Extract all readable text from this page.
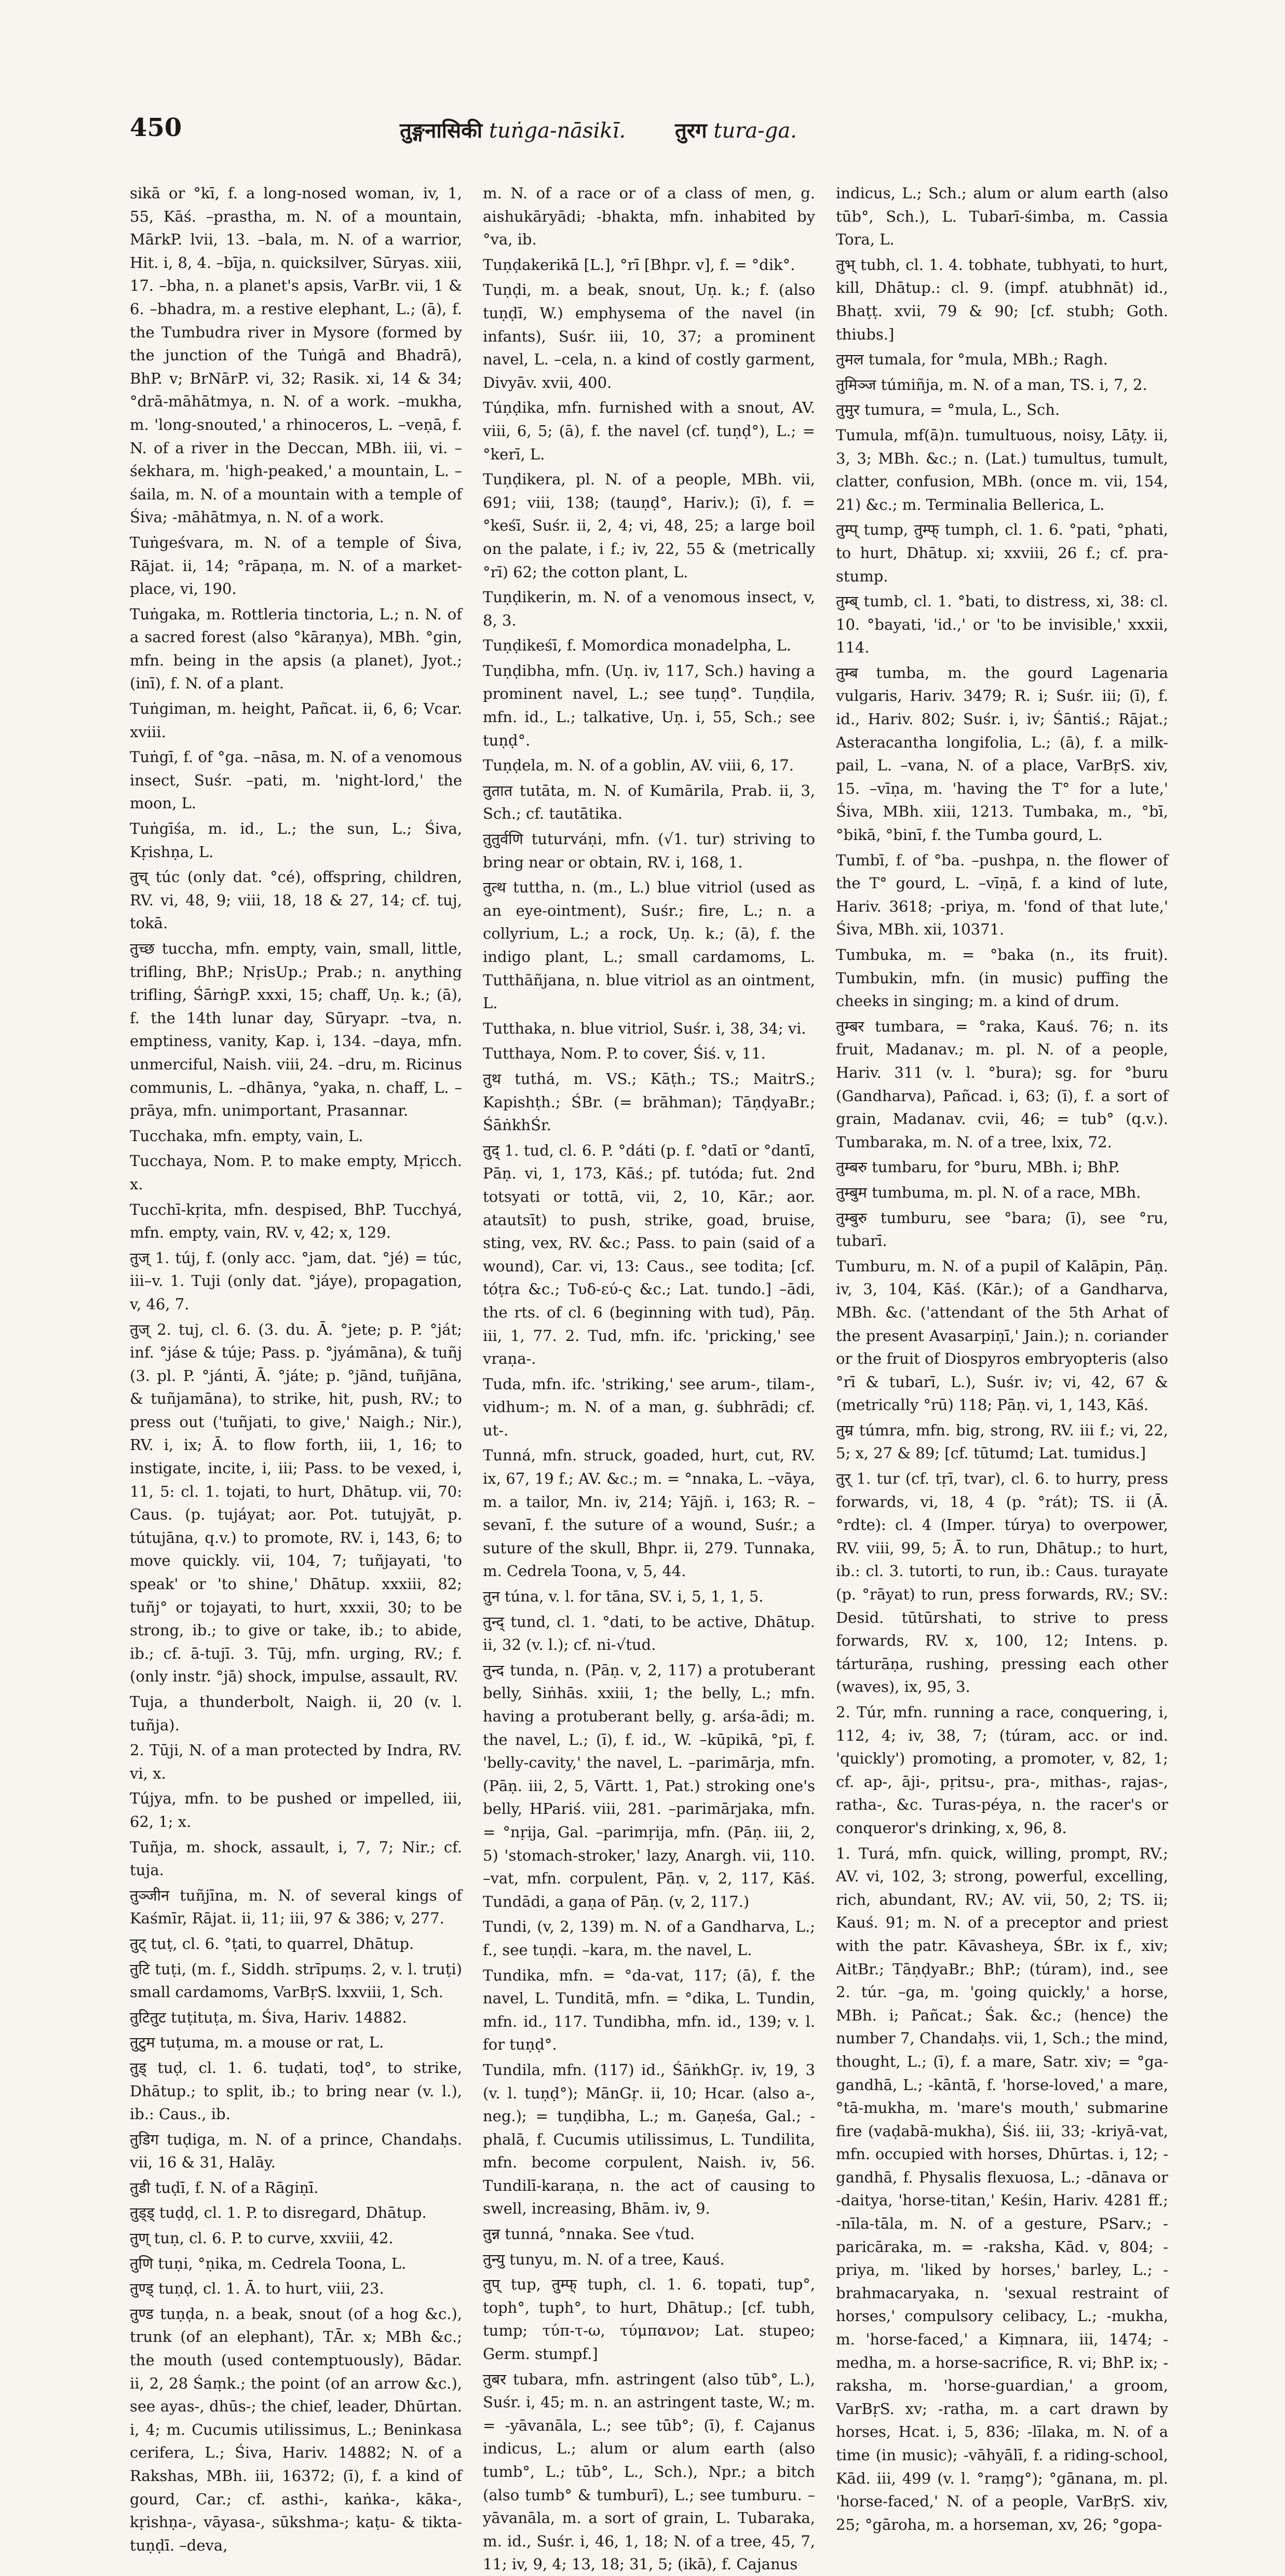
450	तुङ्गनासिकी tuṅga-nāsikī. तुरग tura-ga.

sikā or °kī, f. a long-nosed woman, iv, 1, 55, Kāś. –prastha, m. N. of a mountain, MārkP. lvii, 13. –bala, m. N. of a warrior, Hit. i, 8, 4. –bīja, n. quicksilver, Sūryas. xiii, 17. –bha, n. a planet's apsis, VarBr. vii, 1 & 6. –bhadra, m. a restive elephant, L.; (ā), f. the Tumbudra river in Mysore (formed by the junction of the Tuṅgā and Bhadrā), BhP. v; BrNārP. vi, 32; Rasik. xi, 14 & 34; °drā-māhātmya, n. N. of a work. –mukha, m. 'long-snouted,' a rhinoceros, L. –veṇā, f. N. of a river in the Deccan, MBh. iii, vi. –śekhara, m. 'high-peaked,' a mountain, L. –śaila, m. N. of a mountain with a temple of Śiva; -māhātmya, n. N. of a work.

Tuṅgeśvara, m. N. of a temple of Śiva, Rājat. ii, 14; °rāpaṇa, m. N. of a market-place, vi, 190.

Tuṅgaka, m. Rottleria tinctoria, L.; n. N. of a sacred forest (also °kāraṇya), MBh. °gin, mfn. being in the apsis (a planet), Jyot.; (inī), f. N. of a plant.

Tuṅgiman, m. height, Pañcat. ii, 6, 6; Vcar. xviii.

Tuṅgī, f. of °ga. –nāsa, m. N. of a venomous insect, Suśr. –pati, m. 'night-lord,' the moon, L.

Tuṅgīśa, m. id., L.; the sun, L.; Śiva, Kṛishṇa, L.

तुच् túc (only dat. °cé), offspring, children, RV. vi, 48, 9; viii, 18, 18 & 27, 14; cf. tuj, tokā.

तुच्छ tuccha, mfn. empty, vain, small, little, trifling, BhP.; NṛisUp.; Prab.; n. anything trifling, ŚārṅgP. xxxi, 15; chaff, Uṇ. k.; (ā), f. the 14th lunar day, Sūryapr. –tva, n. emptiness, vanity, Kap. i, 134. –daya, mfn. unmerciful, Naish. viii, 24. –dru, m. Ricinus communis, L. –dhānya, °yaka, n. chaff, L. –prāya, mfn. unimportant, Prasannar.

Tucchaka, mfn. empty, vain, L.

Tucchaya, Nom. P. to make empty, Mṛicch. x.

Tucchī-kṛita, mfn. despised, BhP. Tucchyá, mfn. empty, vain, RV. v, 42; x, 129.

तुज् 1. túj, f. (only acc. °jam, dat. °jé) = túc, iii–v. 1. Tuji (only dat. °jáye), propagation, v, 46, 7.

तुज् 2. tuj, cl. 6. (3. du. Ā. °jete; p. P. °ját; inf. °jáse & túje; Pass. p. °jyámāna), & tuñj (3. pl. P. °jánti, Ā. °játe; p. °jānd, tuñjāna, & tuñjamāna), to strike, hit, push, RV.; to press out ('tuñjati, to give,' Naigh.; Nir.), RV. i, ix; Ā. to flow forth, iii, 1, 16; to instigate, incite, i, iii; Pass. to be vexed, i, 11, 5: cl. 1. tojati, to hurt, Dhātup. vii, 70: Caus. (p. tujáyat; aor. Pot. tutujyāt, p. tútujāna, q.v.) to promote, RV. i, 143, 6; to move quickly. vii, 104, 7; tuñjayati, 'to speak' or 'to shine,' Dhātup. xxxiii, 82; tuñj° or tojayati, to hurt, xxxii, 30; to be strong, ib.; to give or take, ib.; to abide, ib.; cf. ā-tujī. 3. Tūj, mfn. urging, RV.; f. (only instr. °jā) shock, impulse, assault, RV.

Tuja, a thunderbolt, Naigh. ii, 20 (v. l. tuñja).

2. Tūji, N. of a man protected by Indra, RV. vi, x.

Tújya, mfn. to be pushed or impelled, iii, 62, 1; x.

Tuñja, m. shock, assault, i, 7, 7; Nir.; cf. tuja.

तुञ्जीन tuñjīna, m. N. of several kings of Kaśmīr, Rājat. ii, 11; iii, 97 & 386; v, 277.

तुट् tuṭ, cl. 6. °ṭati, to quarrel, Dhātup.

तुटि tuṭi, (m. f., Siddh. strīpuṃs. 2, v. l. truṭi) small cardamoms, VarBṛS. lxxviii, 1, Sch.

तुटितुट tuṭituṭa, m. Śiva, Hariv. 14882.

तुटुम tuṭuma, m. a mouse or rat, L.

तुड् tuḍ, cl. 1. 6. tuḍati, toḍ°, to strike, Dhātup.; to split, ib.; to bring near (v. l.), ib.: Caus., ib.

तुडिग tuḍiga, m. N. of a prince, Chandaḥs. vii, 16 & 31, Halāy.

तुडी tuḍī, f. N. of a Rāgiṇī.

तुड्ड् tuḍḍ, cl. 1. P. to disregard, Dhātup.

तुण् tuṇ, cl. 6. P. to curve, xxviii, 42.

तुणि tuṇi, °ṇika, m. Cedrela Toona, L.

तुण्ड् tuṇḍ, cl. 1. Ā. to hurt, viii, 23.

तुण्ड tuṇḍa, n. a beak, snout (of a hog &c.), trunk (of an elephant), TĀr. x; MBh &c.; the mouth (used contemptuously), Bādar. ii, 2, 28 Śaṃk.; the point (of an arrow &c.), see ayas-, dhūs-; the chief, leader, Dhūrtan. i, 4; m. Cucumis utilissimus, L.; Beninkasa cerifera, L.; Śiva, Hariv. 14882; N. of a Rakshas, MBh. iii, 16372; (ī), f. a kind of gourd, Car.; cf. asthi-, kaṅka-, kāka-, kṛishṇa-, vāyasa-, sūkshma-; kaṭu- & tikta-tuṇḍī. –deva,

m. N. of a race or of a class of men, g. aishukāryādi; -bhakta, mfn. inhabited by °va, ib.

Tuṇḍakerikā [L.], °rī [Bhpr. v], f. = °dik°.

Tuṇḍi, m. a beak, snout, Uṇ. k.; f. (also tuṇḍī, W.) emphysema of the navel (in infants), Suśr. iii, 10, 37; a prominent navel, L. –cela, n. a kind of costly garment, Divyāv. xvii, 400.

Túṇḍika, mfn. furnished with a snout, AV. viii, 6, 5; (ā), f. the navel (cf. tuṇḍ°), L.; = °kerī, L.

Tuṇḍikera, pl. N. of a people, MBh. vii, 691; viii, 138; (tauṇḍ°, Hariv.); (ī), f. = °keśī, Suśr. ii, 2, 4; vi, 48, 25; a large boil on the palate, i f.; iv, 22, 55 & (metrically °rī) 62; the cotton plant, L.

Tuṇḍikerin, m. N. of a venomous insect, v, 8, 3.

Tuṇḍikeśī, f. Momordica monadelpha, L.

Tuṇḍibha, mfn. (Uṇ. iv, 117, Sch.) having a prominent navel, L.; see tuṇḍ°. Tuṇḍila, mfn. id., L.; talkative, Uṇ. i, 55, Sch.; see tuṇḍ°.

Tuṇḍela, m. N. of a goblin, AV. viii, 6, 17.

तुतात tutāta, m. N. of Kumārila, Prab. ii, 3, Sch.; cf. tautātika.

तुतुर्वणि tuturváṇi, mfn. (√1. tur) striving to bring near or obtain, RV. i, 168, 1.

तुत्थ tuttha, n. (m., L.) blue vitriol (used as an eye-ointment), Suśr.; fire, L.; n. a collyrium, L.; a rock, Uṇ. k.; (ā), f. the indigo plant, L.; small cardamoms, L. Tutthāñjana, n. blue vitriol as an ointment, L.

Tutthaka, n. blue vitriol, Suśr. i, 38, 34; vi.

Tutthaya, Nom. P. to cover, Śiś. v, 11.

तुथ tuthá, m. VS.; Kāṭh.; TS.; MaitrS.; Kapishṭh.; ŚBr. (= brāhman); TāṇḍyaBr.; ŚāṅkhŚr.

तुद् 1. tud, cl. 6. P. °dáti (p. f. °datī or °dantī, Pāṇ. vi, 1, 173, Kāś.; pf. tutóda; fut. 2nd totsyati or tottā, vii, 2, 10, Kār.; aor. atautsīt) to push, strike, goad, bruise, sting, vex, RV. &c.; Pass. to pain (said of a wound), Car. vi, 13: Caus., see todita; [cf. tóṭra &c.; Τυδ-εύ-ς &c.; Lat. tundo.] –ādi, the rts. of cl. 6 (beginning with tud), Pāṇ. iii, 1, 77. 2. Tud, mfn. ifc. 'pricking,' see vraṇa-.

Tuda, mfn. ifc. 'striking,' see arum-, tilam-, vidhum-; m. N. of a man, g. śubhrādi; cf. ut-.

Tunná, mfn. struck, goaded, hurt, cut, RV. ix, 67, 19 f.; AV. &c.; m. = °nnaka, L. –vāya, m. a tailor, Mn. iv, 214; Yājñ. i, 163; R. –sevanī, f. the suture of a wound, Suśr.; a suture of the skull, Bhpr. ii, 279. Tunnaka, m. Cedrela Toona, v, 5, 44.

तुन túna, v. l. for tāna, SV. i, 5, 1, 1, 5.

तुन्द् tund, cl. 1. °dati, to be active, Dhātup. ii, 32 (v. l.); cf. ni-√tud.

तुन्द tunda, n. (Pāṇ. v, 2, 117) a protuberant belly, Siṅhās. xxiii, 1; the belly, L.; mfn. having a protuberant belly, g. arśa-ādi; m. the navel, L.; (ī), f. id., W. –kūpikā, °pī, f. 'belly-cavity,' the navel, L. –parimārja, mfn. (Pāṇ. iii, 2, 5, Vārtt. 1, Pat.) stroking one's belly, HPariś. viii, 281. –parimārjaka, mfn. = °nṛija, Gal. –parimṛija, mfn. (Pāṇ. iii, 2, 5) 'stomach-stroker,' lazy, Anargh. vii, 110. –vat, mfn. corpulent, Pāṇ. v, 2, 117, Kāś. Tundādi, a gaṇa of Pāṇ. (v, 2, 117.)

Tundi, (v, 2, 139) m. N. of a Gandharva, L.; f., see tuṇḍi. –kara, m. the navel, L.

Tundika, mfn. = °da-vat, 117; (ā), f. the navel, L. Tunditā, mfn. = °dika, L. Tundin, mfn. id., 117. Tundibha, mfn. id., 139; v. l. for tuṇḍ°.

Tundila, mfn. (117) id., ŚāṅkhGṛ. iv, 19, 3 (v. l. tuṇḍ°); MānGṛ. ii, 10; Hcar. (also a-, neg.); = tuṇḍibha, L.; m. Gaṇeśa, Gal.; -phalā, f. Cucumis utilissimus, L. Tundilita, mfn. become corpulent, Naish. iv, 56. Tundilī-karaṇa, n. the act of causing to swell, increasing, Bhām. iv, 9.

तुन्न tunná, °nnaka. See √tud.

तुन्यु tunyu, m. N. of a tree, Kauś.

तुप् tup, तुम्फ् tuph, cl. 1. 6. topati, tup°, toph°, tuph°, to hurt, Dhātup.; [cf. tubh, tump; τύπ-τ-ω, τύμπανον; Lat. stupeo; Germ. stumpf.]

तुबर tubara, mfn. astringent (also tūb°, L.), Suśr. i, 45; m. n. an astringent taste, W.; m. = -yāvanāla, L.; see tūb°; (ī), f. Cajanus indicus, L.; alum or alum earth (also tumb°, L.; tūb°, L., Sch.), Npr.; a bitch (also tumb° & tumburī), L.; see tumburu. –yāvanāla, m. a sort of grain, L. Tubaraka, m. id., Suśr. i, 46, 1, 18; N. of a tree, 45, 7, 11; iv, 9, 4; 13, 18; 31, 5; (ikā), f. Cajanus

indicus, L.; Sch.; alum or alum earth (also tūb°, Sch.), L. Tubarī-śimba, m. Cassia Tora, L.

तुभ् tubh, cl. 1. 4. tobhate, tubhyati, to hurt, kill, Dhātup.: cl. 9. (impf. atubhnāt) id., Bhaṭṭ. xvii, 79 & 90; [cf. stubh; Goth. thiubs.]

तुमल tumala, for °mula, MBh.; Ragh.

तुमिञ्ज túmiñja, m. N. of a man, TS. i, 7, 2.

तुमुर tumura, = °mula, L., Sch.

Tumula, mf(ā)n. tumultuous, noisy, Lāṭy. ii, 3, 3; MBh. &c.; n. (Lat.) tumultus, tumult, clatter, confusion, MBh. (once m. vii, 154, 21) &c.; m. Terminalia Bellerica, L.

तुम्प् tump, तुम्फ् tumph, cl. 1. 6. °pati, °phati, to hurt, Dhātup. xi; xxviii, 26 f.; cf. pra-stump.

तुम्ब् tumb, cl. 1. °bati, to distress, xi, 38: cl. 10. °bayati, 'id.,' or 'to be invisible,' xxxii, 114.

तुम्ब tumba, m. the gourd Lagenaria vulgaris, Hariv. 3479; R. i; Suśr. iii; (ī), f. id., Hariv. 802; Suśr. i, iv; Śāntiś.; Rājat.; Asteracantha longifolia, L.; (ā), f. a milk-pail, L. –vana, N. of a place, VarBṛS. xiv, 15. –vīṇa, m. 'having the T° for a lute,' Śiva, MBh. xiii, 1213. Tumbaka, m., °bī, °bikā, °binī, f. the Tumba gourd, L.

Tumbī, f. of °ba. –pushpa, n. the flower of the T° gourd, L. –vīṇā, f. a kind of lute, Hariv. 3618; -priya, m. 'fond of that lute,' Śiva, MBh. xii, 10371.

Tumbuka, m. = °baka (n., its fruit). Tumbukin, mfn. (in music) puffing the cheeks in singing; m. a kind of drum.

तुम्बर tumbara, = °raka, Kauś. 76; n. its fruit, Madanav.; m. pl. N. of a people, Hariv. 311 (v. l. °bura); sg. for °buru (Gandharva), Pañcad. i, 63; (ī), f. a sort of grain, Madanav. cvii, 46; = tub° (q.v.). Tumbaraka, m. N. of a tree, lxix, 72.

तुम्बरु tumbaru, for °buru, MBh. i; BhP.

तुम्बुम tumbuma, m. pl. N. of a race, MBh.

तुम्बुरु tumburu, see °bara; (ī), see °ru, tubarī.

Tumburu, m. N. of a pupil of Kalāpin, Pāṇ. iv, 3, 104, Kāś. (Kār.); of a Gandharva, MBh. &c. ('attendant of the 5th Arhat of the present Avasarpiṇī,' Jain.); n. coriander or the fruit of Diospyros embryopteris (also °rī & tubarī, L.), Suśr. iv; vi, 42, 67 & (metrically °rū) 118; Pāṇ. vi, 1, 143, Kāś.

तुम्र túmra, mfn. big, strong, RV. iii f.; vi, 22, 5; x, 27 & 89; [cf. tūtumd; Lat. tumidus.]

तुर् 1. tur (cf. tṛī, tvar), cl. 6. to hurry, press forwards, vi, 18, 4 (p. °rát); TS. ii (Ā. °rdte): cl. 4 (Imper. túrya) to overpower, RV. viii, 99, 5; Ā. to run, Dhātup.; to hurt, ib.: cl. 3. tutorti, to run, ib.: Caus. turayate (p. °rāyat) to run, press forwards, RV.; SV.: Desid. tūtūrshati, to strive to press forwards, RV. x, 100, 12; Intens. p. tárturāṇa, rushing, pressing each other (waves), ix, 95, 3.

2. Túr, mfn. running a race, conquering, i, 112, 4; iv, 38, 7; (túram, acc. or ind. 'quickly') promoting, a promoter, v, 82, 1; cf. ap-, āji-, pṛitsu-, pra-, mithas-, rajas-, ratha-, &c. Turas-péya, n. the racer's or conqueror's drinking, x, 96, 8.

1. Turá, mfn. quick, willing, prompt, RV.; AV. vi, 102, 3; strong, powerful, excelling, rich, abundant, RV.; AV. vii, 50, 2; TS. ii; Kauś. 91; m. N. of a preceptor and priest with the patr. Kāvasheya, ŚBr. ix f., xiv; AitBr.; TāṇḍyaBr.; BhP.; (túram), ind., see 2. túr. –ga, m. 'going quickly,' a horse, MBh. i; Pañcat.; Śak. &c.; (hence) the number 7, Chandaḥs. vii, 1, Sch.; the mind, thought, L.; (ī), f. a mare, Satr. xiv; = °ga-gandhā, L.; -kāntā, f. 'horse-loved,' a mare, °tā-mukha, m. 'mare's mouth,' submarine fire (vaḍabā-mukha), Śiś. iii, 33; -kriyā-vat, mfn. occupied with horses, Dhūrtas. i, 12; -gandhā, f. Physalis flexuosa, L.; -dānava or -daitya, 'horse-titan,' Keśin, Hariv. 4281 ff.; -nīla-tāla, m. N. of a gesture, PSarv.; -paricāraka, m. = -raksha, Kād. v, 804; -priya, m. 'liked by horses,' barley, L.; -brahmacaryaka, n. 'sexual restraint of horses,' compulsory celibacy, L.; -mukha, m. 'horse-faced,' a Kiṃnara, iii, 1474; -medha, m. a horse-sacrifice, R. vi; BhP. ix; -raksha, m. 'horse-guardian,' a groom, VarBṛS. xv; -ratha, m. a cart drawn by horses, Hcat. i, 5, 836; -līlaka, m. N. of a time (in music); -vāhyālī, f. a riding-school, Kād. iii, 499 (v. l. °raṃg°); °gānana, m. pl. 'horse-faced,' N. of a people, VarBṛS. xiv, 25; °gāroha, m. a horseman, xv, 26; °gopa-
